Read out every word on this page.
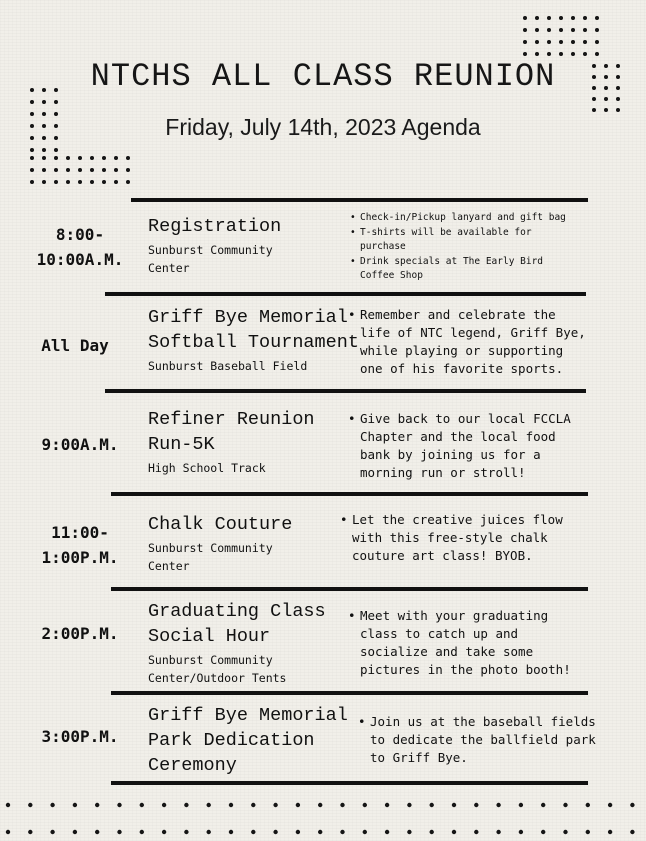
NTCHS ALL CLASS REUNION
Friday, July 14th, 2023 Agenda
8:00-
10:00A.M.
Registration
Sunburst Community
Center
• Check-in/Pickup lanyard and gift bag
• T-shirts will be available for
purchase
• Drink specials at The Early Bird
Coffee Shop
All Day
Griff Bye Memorial
Softball Tournament
Sunburst Baseball Field
• Remember and celebrate the
life of NTC legend, Griff Bye,
while playing or supporting
one of his favorite sports.
9:00A.M.
Refiner Reunion
Run-5K
High School Track
• Give back to our local FCCLA
Chapter and the local food
bank by joining us for a
morning run or stroll!
11:00-
1:00P.M.
Chalk Couture
Sunburst Community
Center
• Let the creative juices flow
with this free-style chalk
couture art class! BYOB.
2:00P.M.
Graduating Class
Social Hour
Sunburst Community
Center/Outdoor Tents
• Meet with your graduating
class to catch up and
socialize and take some
pictures in the photo booth!
3:00P.M.
Griff Bye Memorial
Park Dedication
Ceremony
• Join us at the baseball fields
to dedicate the ballfield park
to Griff Bye.
